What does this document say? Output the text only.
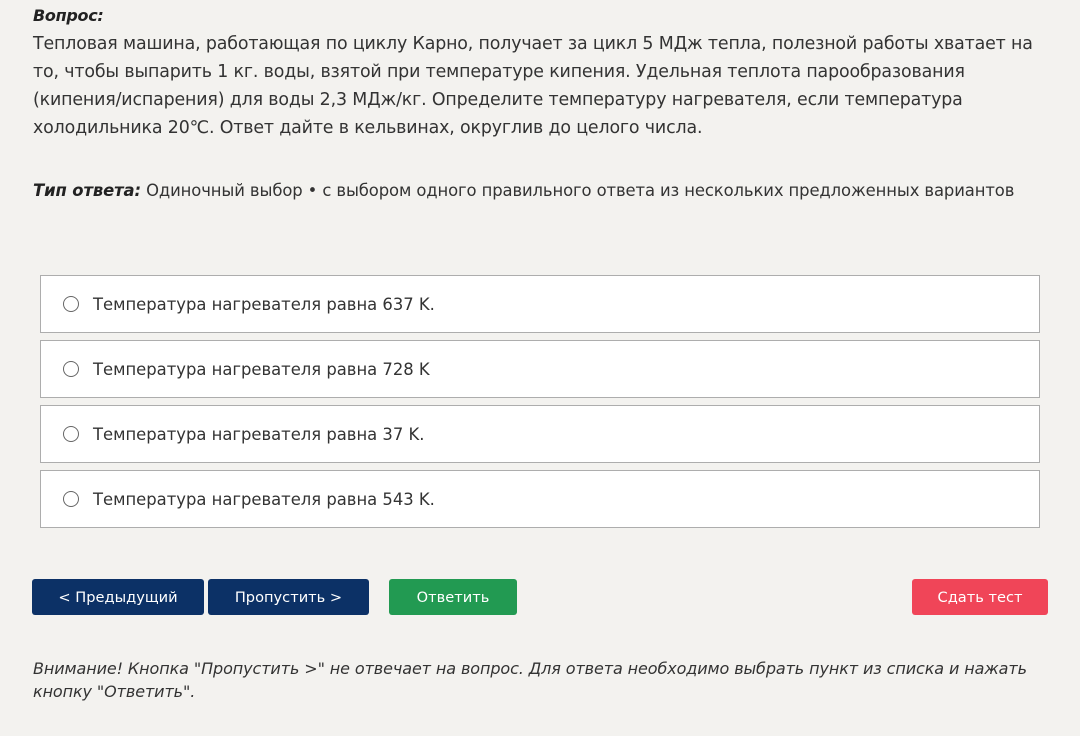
Вопрос:
Тепловая машина, работающая по циклу Карно, получает за цикл 5 МДж тепла, полезной работы хватает на то, чтобы выпарить 1 кг. воды, взятой при температуре кипения. Удельная теплота парообразования (кипения/испарения) для воды 2,3 МДж/кг. Определите температуру нагревателя, если температура холодильника 20℃. Ответ дайте в кельвинах, округлив до целого числа.
Тип ответа: Одиночный выбор • с выбором одного правильного ответа из нескольких предложенных вариантов
Температура нагревателя равна 637 K.
Температура нагревателя равна 728 K
Температура нагревателя равна 37 K.
Температура нагревателя равна 543 K.
< Предыдущий	Пропустить >	Ответить	Сдать тест
Внимание! Кнопка "Пропустить >" не отвечает на вопрос. Для ответа необходимо выбрать пункт из списка и нажать кнопку "Ответить".
